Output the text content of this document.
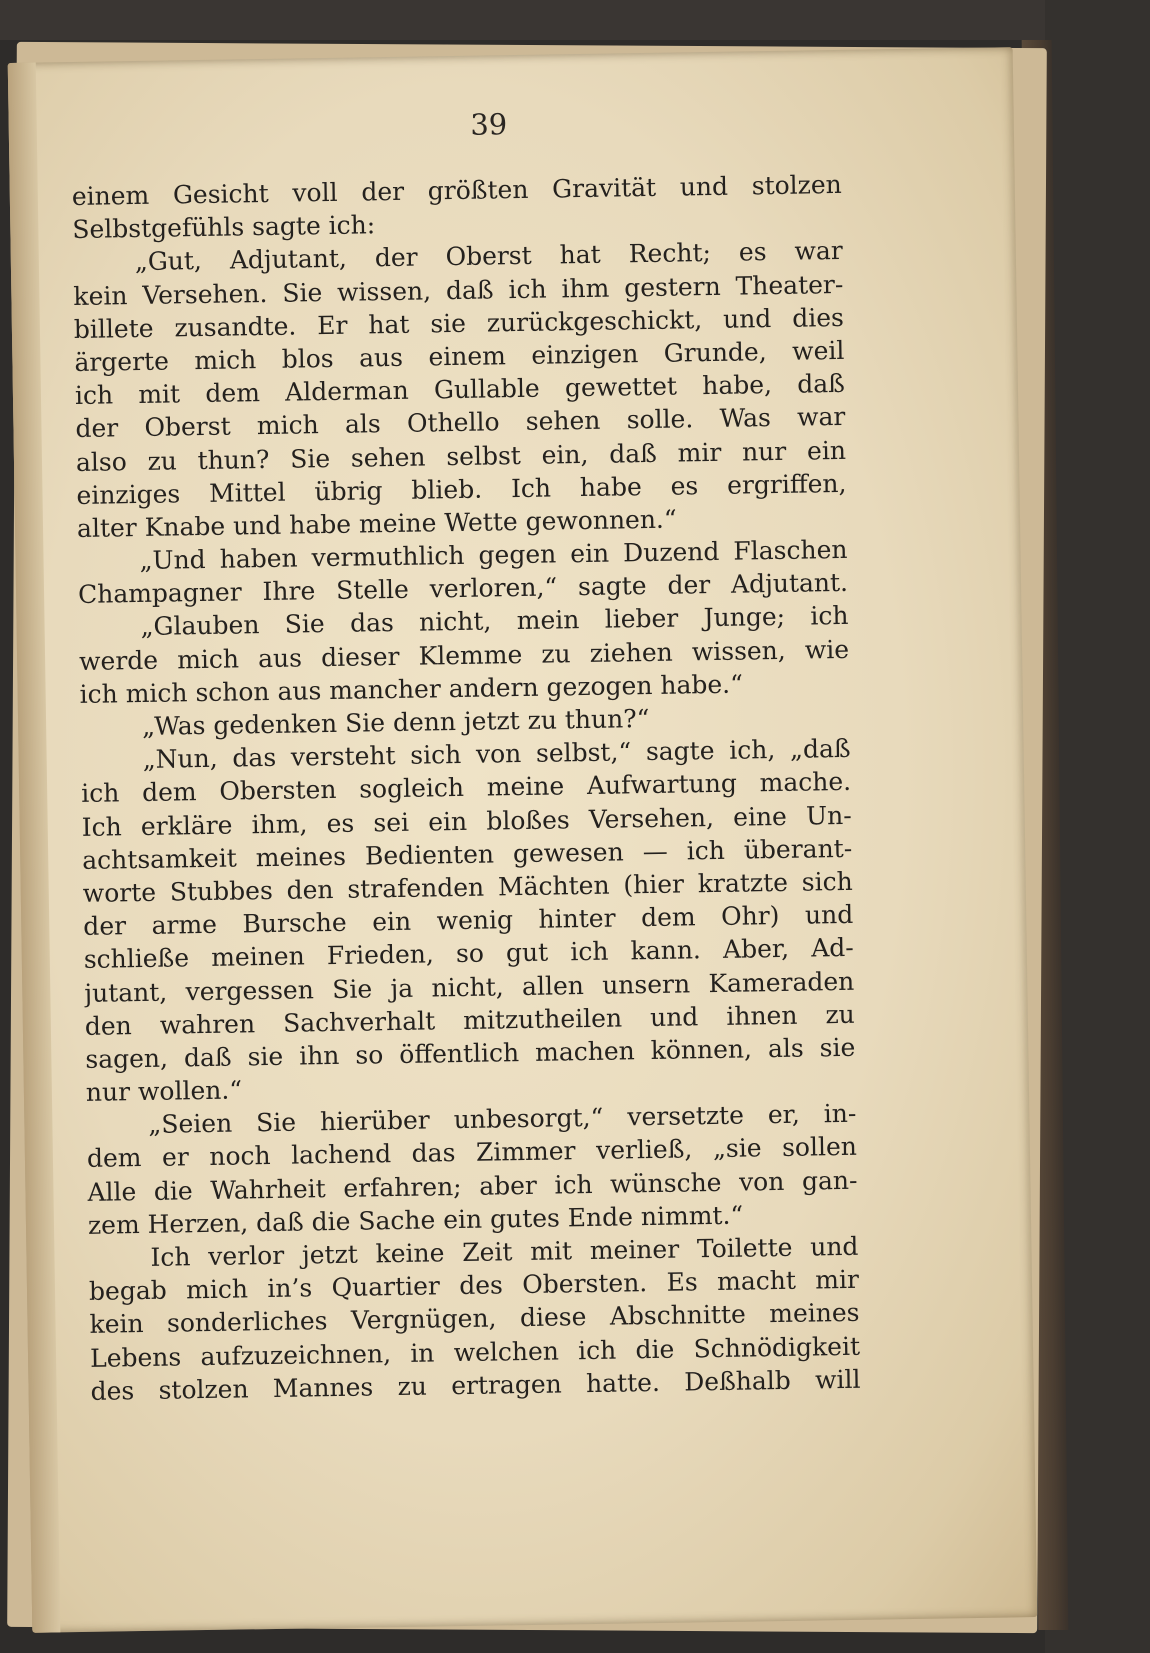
39
einem Gesicht voll der größten Gravität und stolzen
Selbstgefühls sagte ich:
„Gut, Adjutant, der Oberst hat Recht; es war
kein Versehen. Sie wissen, daß ich ihm gestern Theater-
billete zusandte. Er hat sie zurückgeschickt, und dies
ärgerte mich blos aus einem einzigen Grunde, weil
ich mit dem Alderman Gullable gewettet habe, daß
der Oberst mich als Othello sehen solle. Was war
also zu thun? Sie sehen selbst ein, daß mir nur ein
einziges Mittel übrig blieb. Ich habe es ergriffen,
alter Knabe und habe meine Wette gewonnen.“
„Und haben vermuthlich gegen ein Duzend Flaschen
Champagner Ihre Stelle verloren,“ sagte der Adjutant.
„Glauben Sie das nicht, mein lieber Junge; ich
werde mich aus dieser Klemme zu ziehen wissen, wie
ich mich schon aus mancher andern gezogen habe.“
„Was gedenken Sie denn jetzt zu thun?“
„Nun, das versteht sich von selbst,“ sagte ich, „daß
ich dem Obersten sogleich meine Aufwartung mache.
Ich erkläre ihm, es sei ein bloßes Versehen, eine Un-
achtsamkeit meines Bedienten gewesen — ich überant-
worte Stubbes den strafenden Mächten (hier kratzte sich
der arme Bursche ein wenig hinter dem Ohr) und
schließe meinen Frieden, so gut ich kann. Aber, Ad-
jutant, vergessen Sie ja nicht, allen unsern Kameraden
den wahren Sachverhalt mitzutheilen und ihnen zu
sagen, daß sie ihn so öffentlich machen können, als sie
nur wollen.“
„Seien Sie hierüber unbesorgt,“ versetzte er, in-
dem er noch lachend das Zimmer verließ, „sie sollen
Alle die Wahrheit erfahren; aber ich wünsche von gan-
zem Herzen, daß die Sache ein gutes Ende nimmt.“
Ich verlor jetzt keine Zeit mit meiner Toilette und
begab mich in’s Quartier des Obersten. Es macht mir
kein sonderliches Vergnügen, diese Abschnitte meines
Lebens aufzuzeichnen, in welchen ich die Schnödigkeit
des stolzen Mannes zu ertragen hatte. Deßhalb will
